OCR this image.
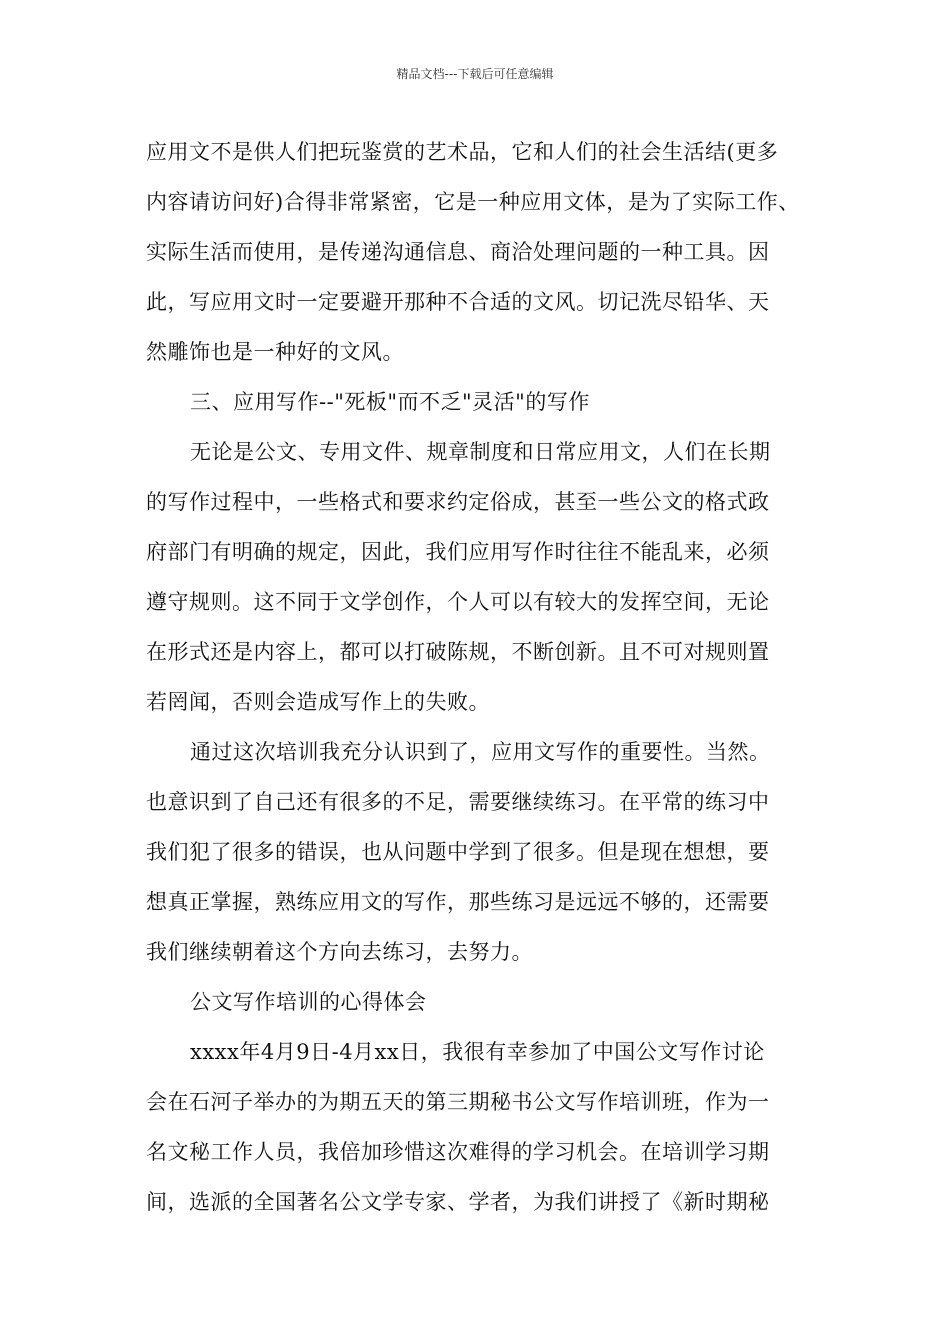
精品文档---下载后可任意编辑
应用文不是供人们把玩鉴赏的艺术品，它和人们的社会生活结(更多
内容请访问好)合得非常紧密，它是一种应用文体，是为了实际工作、
实际生活而使用，是传递沟通信息、商洽处理问题的一种工具。因
此，写应用文时一定要避开那种不合适的文风。切记洗尽铅华、天
然雕饰也是一种好的文风。
三、应用写作--"死板"而不乏"灵活"的写作
无论是公文、专用文件、规章制度和日常应用文，人们在长期
的写作过程中，一些格式和要求约定俗成，甚至一些公文的格式政
府部门有明确的规定，因此，我们应用写作时往往不能乱来，必须
遵守规则。这不同于文学创作，个人可以有较大的发挥空间，无论
在形式还是内容上，都可以打破陈规，不断创新。且不可对规则置
若罔闻，否则会造成写作上的失败。
通过这次培训我充分认识到了，应用文写作的重要性。当然。
也意识到了自己还有很多的不足，需要继续练习。在平常的练习中
我们犯了很多的错误，也从问题中学到了很多。但是现在想想，要
想真正掌握，熟练应用文的写作，那些练习是远远不够的，还需要
我们继续朝着这个方向去练习，去努力。
公文写作培训的心得体会
xxxx年4月9日-4月xx日，我很有幸参加了中国公文写作讨论
会在石河子举办的为期五天的第三期秘书公文写作培训班，作为一
名文秘工作人员，我倍加珍惜这次难得的学习机会。在培训学习期
间，选派的全国著名公文学专家、学者，为我们讲授了《新时期秘
